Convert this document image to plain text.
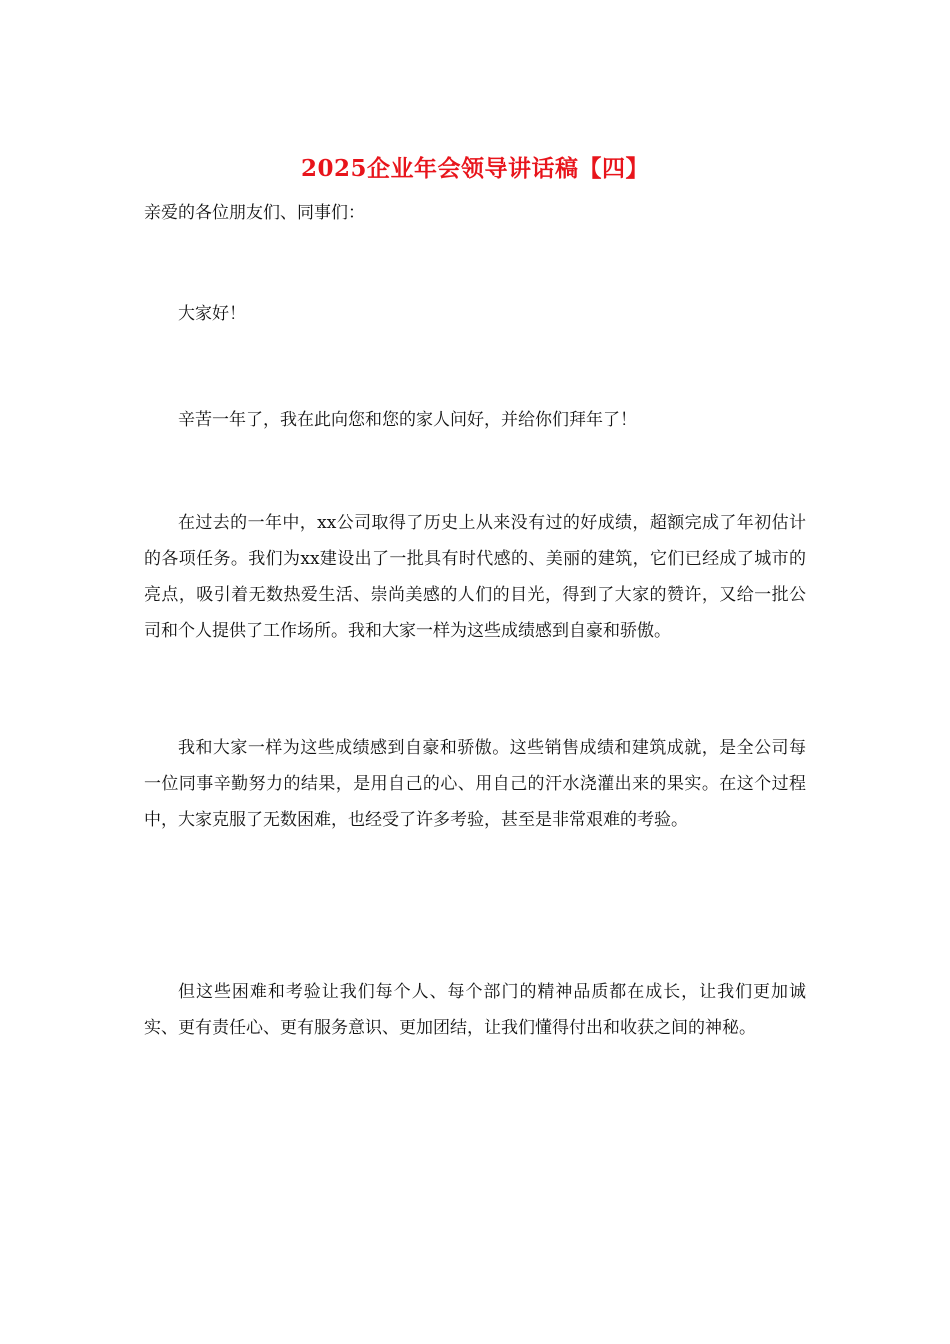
2025企业年会领导讲话稿【四】
亲爱的各位朋友们、同事们：

大家好！

辛苦一年了，我在此向您和您的家人问好，并给你们拜年了！

在过去的一年中，xx公司取得了历史上从来没有过的好成绩，超额完成了年初估计的各项任务。我们为xx建设出了一批具有时代感的、美丽的建筑，它们已经成了城市的亮点，吸引着无数热爱生活、崇尚美感的人们的目光，得到了大家的赞许，又给一批公司和个人提供了工作场所。我和大家一样为这些成绩感到自豪和骄傲。

我和大家一样为这些成绩感到自豪和骄傲。这些销售成绩和建筑成就，是全公司每一位同事辛勤努力的结果，是用自己的心、用自己的汗水浇灌出来的果实。在这个过程中，大家克服了无数困难，也经受了许多考验，甚至是非常艰难的考验。

但这些困难和考验让我们每个人、每个部门的精神品质都在成长，让我们更加诚实、更有责任心、更有服务意识、更加团结，让我们懂得付出和收获之间的神秘。
